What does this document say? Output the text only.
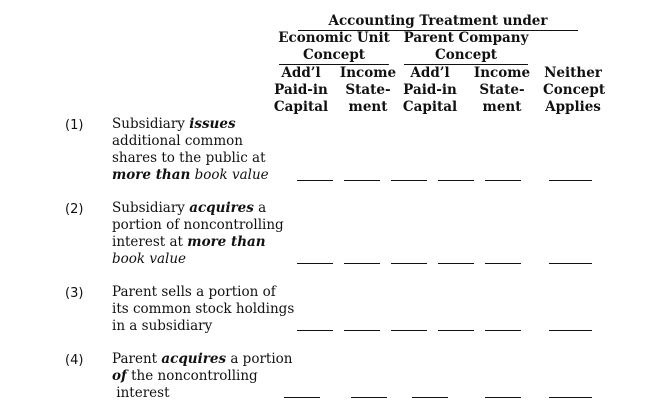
Accounting Treatment under
Economic Unit
Concept
Parent Company
Concept
Add’l
Paid-in
Capital
Income
State-
ment
Add’l
Paid-in
Capital
Income
State-
ment
Neither
Concept
Applies
(1) Subsidiary issues
additional common
shares to the public at
more than book value
(2) Subsidiary acquires a
portion of noncontrolling
interest at more than
book value
(3) Parent sells a portion of
its common stock holdings
in a subsidiary
(4) Parent acquires a portion
of the noncontrolling
interest
